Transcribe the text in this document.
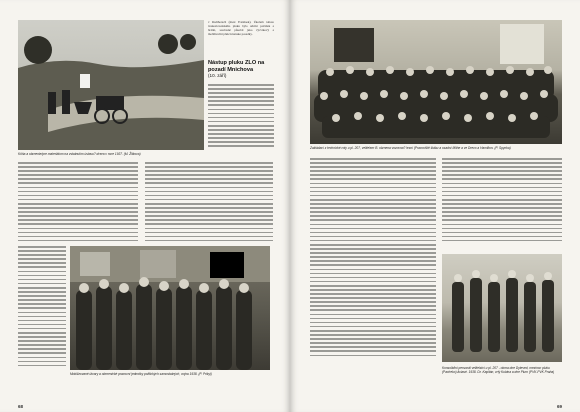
Kôňa a obrnenie/pre materiálom na vstatnutím ústavu? dcera v roce 1937. (M. Žitkova)
v Radihorach (mest Frantisek). Úkolem tohoto československého pluku bylo udržet pořádek a bránit, současně působit jako výcvikový a mobilizační pluk brnenske posadky.
Nástup pluku ZLO na pozadí Mnichova
(10. září)
Mobilizované útvary a obrnenické pracovní jednotky politických samostatných, vojna 1938. (P. Prikyl)
68
Zakládací z technické roty u pl. 207, velitelem B. obrnena vozovna? lesní (Pracoviště štábu a osadní Mithe a ve Drevo a Hamilton. (P. Spynka)
Konsolidiní personál velitelství u pl. 207 - obrna dne Dyteved, mezinoc pluku (Pacheko) Aviasé. 1938. Dr. Kapitán, vrtý Kubina a dne Plum (PVK-PVK Praha)
69
